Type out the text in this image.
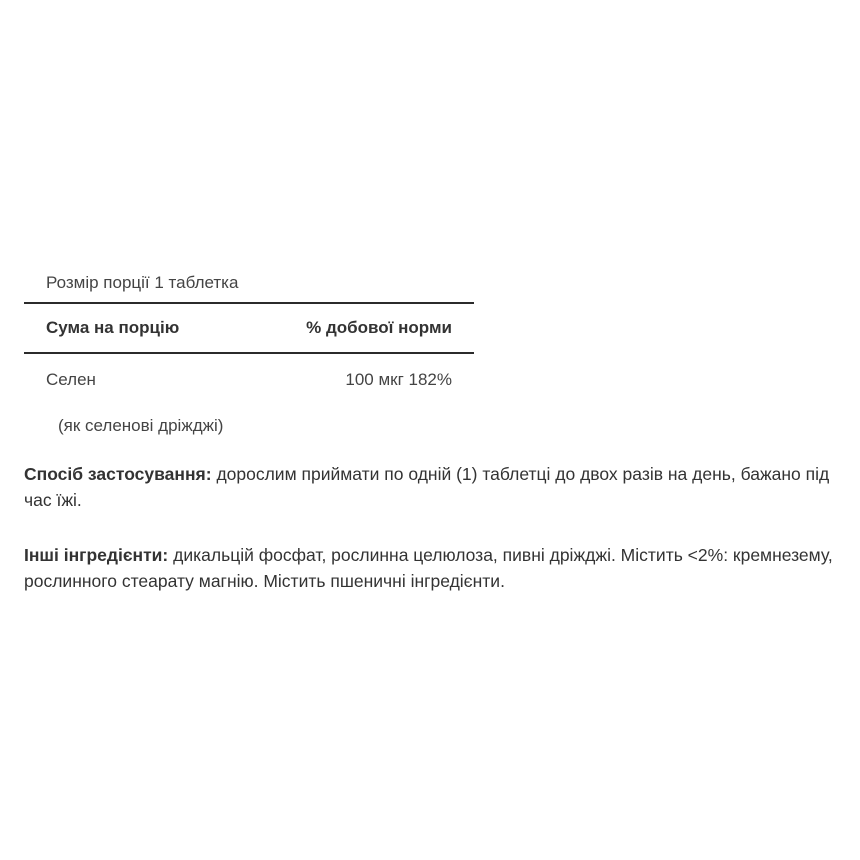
Розмір порції 1 таблетка
Сума на порцію	% добової норми
Селен	100 мкг 182%
(як селенові дріжджі)

Спосіб застосування: дорослим приймати по одній (1) таблетці до двох разів на день, бажано під час їжі.

Інші інгредієнти: дикальцій фосфат, рослинна целюлоза, пивні дріжджі. Містить <2%: кремнезему, рослинного стеарату магнію. Містить пшеничні інгредієнти.
